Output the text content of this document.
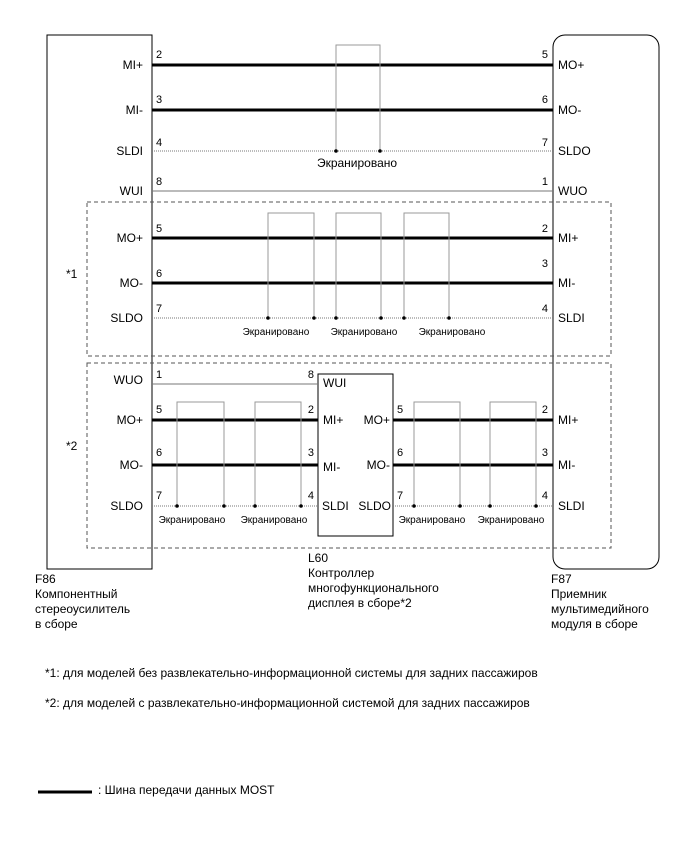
Экранировано
MI+
MI-
SLDI
WUI
MO+
MO-
SLDO
WUO
2
3
4
8
5
6
7
1
*1
Экранировано Экранировано Экранировано
MO+
MO-
SLDO
MI+
MI-
SLDI
5
6
7
2
3
4
*2
Экранировано Экранировано	Экранировано Экранировано
WUO
MO+
MO-
SLDO
WUI
MI+
MI-
SLDI
MO+
MO-
SLDO
MI+
MI-
SLDI
1
5
6
7
8
2
3
4
5
6
7
2
3
4

F86

Компонентный
стереоусилитель
в сборе

L60

Контроллер
многофункционального
дисплея в сборе*2

F87

Приемник
мультимедийного
модуля в сборе

*1: для моделей без развлекательно-информационной системы для задних пассажиров

*2: для моделей с развлекательно-информационной системой для задних пассажиров

: Шина передачи данных MOST
